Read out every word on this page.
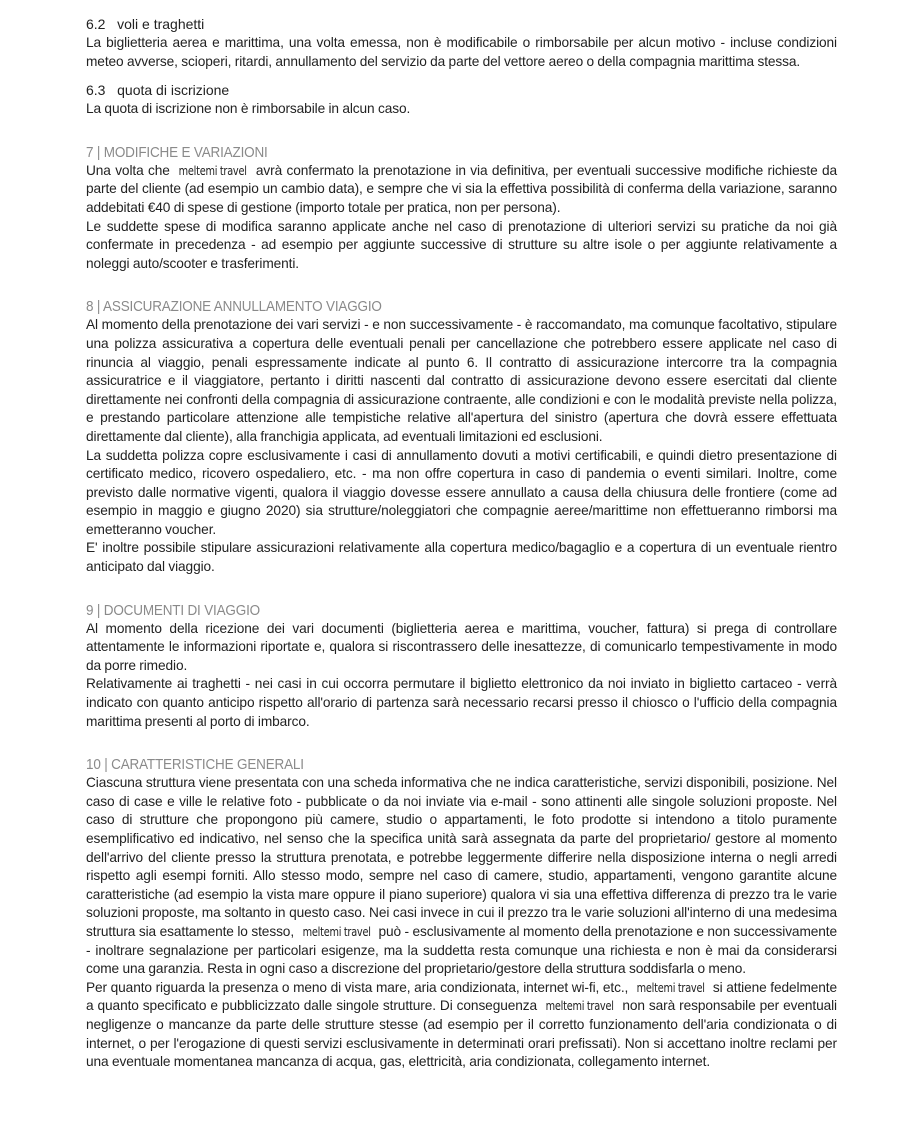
6.2   voli e traghetti

La biglietteria aerea e marittima, una volta emessa, non è modificabile o rimborsabile per alcun motivo - incluse condizioni meteo avverse, scioperi, ritardi, annullamento del servizio da parte del vettore aereo o della compagnia marittima stessa.

6.3   quota di iscrizione

La quota di iscrizione non è rimborsabile in alcun caso.

7 | MODIFICHE E VARIAZIONI

Una volta che meltemi travel avrà confermato la prenotazione in via definitiva, per eventuali successive modifiche richieste da parte del cliente (ad esempio un cambio data), e sempre che vi sia la effettiva possibilità di conferma della variazione, saranno addebitati €40 di spese di gestione (importo totale per pratica, non per persona).

Le suddette spese di modifica saranno applicate anche nel caso di prenotazione di ulteriori servizi su pratiche da noi già confermate in precedenza - ad esempio per aggiunte successive di strutture su altre isole o per aggiunte relativamente a noleggi auto/scooter e trasferimenti.

8 | ASSICURAZIONE ANNULLAMENTO VIAGGIO

Al momento della prenotazione dei vari servizi - e non successivamente - è raccomandato, ma comunque facoltativo, stipulare una polizza assicurativa a copertura delle eventuali penali per cancellazione che potrebbero essere applicate nel caso di rinuncia al viaggio, penali espressamente indicate al punto 6. Il contratto di assicurazione intercorre tra la compagnia assicuratrice e il viaggiatore, pertanto i diritti nascenti dal contratto di assicurazione devono essere esercitati dal cliente direttamente nei confronti della compagnia di assicurazione contraente, alle condizioni e con le modalità previste nella polizza, e prestando particolare attenzione alle tempistiche relative all'apertura del sinistro (apertura che dovrà essere effettuata direttamente dal cliente), alla franchigia applicata, ad eventuali limitazioni ed esclusioni.

La suddetta polizza copre esclusivamente i casi di annullamento dovuti a motivi certificabili, e quindi dietro presentazione di certificato medico, ricovero ospedaliero, etc. - ma non offre copertura in caso di pandemia o eventi similari. Inoltre, come previsto dalle normative vigenti, qualora il viaggio dovesse essere annullato a causa della chiusura delle frontiere (come ad esempio in maggio e giugno 2020) sia strutture/noleggiatori che compagnie aeree/marittime non effettueranno rimborsi ma emetteranno voucher.

E' inoltre possibile stipulare assicurazioni relativamente alla copertura medico/bagaglio e a copertura di un eventuale rientro anticipato dal viaggio.

9 | DOCUMENTI DI VIAGGIO

Al momento della ricezione dei vari documenti (biglietteria aerea e marittima, voucher, fattura) si prega di controllare attentamente le informazioni riportate e, qualora si riscontrassero delle inesattezze, di comunicarlo tempestivamente in modo da porre rimedio.

Relativamente ai traghetti - nei casi in cui occorra permutare il biglietto elettronico da noi inviato in biglietto cartaceo - verrà indicato con quanto anticipo rispetto all'orario di partenza sarà necessario recarsi presso il chiosco o l'ufficio della compagnia marittima presenti al porto di imbarco.

10 | CARATTERISTICHE GENERALI

Ciascuna struttura viene presentata con una scheda informativa che ne indica caratteristiche, servizi disponibili, posizione. Nel caso di case e ville le relative foto - pubblicate o da noi inviate via e-mail - sono attinenti alle singole soluzioni proposte. Nel caso di strutture che propongono più camere, studio o appartamenti, le foto prodotte si intendono a titolo puramente esemplificativo ed indicativo, nel senso che la specifica unità sarà assegnata da parte del proprietario/ gestore al momento dell'arrivo del cliente presso la struttura prenotata, e potrebbe leggermente differire nella disposizione interna o negli arredi rispetto agli esempi forniti. Allo stesso modo, sempre nel caso di camere, studio, appartamenti, vengono garantite alcune caratteristiche (ad esempio la vista mare oppure il piano superiore) qualora vi sia una effettiva differenza di prezzo tra le varie soluzioni proposte, ma soltanto in questo caso. Nei casi invece in cui il prezzo tra le varie soluzioni all'interno di una medesima struttura sia esattamente lo stesso, meltemi travel può - esclusivamente al momento della prenotazione e non successivamente - inoltrare segnalazione per particolari esigenze, ma la suddetta resta comunque una richiesta e non è mai da considerarsi come una garanzia. Resta in ogni caso a discrezione del proprietario/gestore della struttura soddisfarla o meno.

Per quanto riguarda la presenza o meno di vista mare, aria condizionata, internet wi-fi, etc., meltemi travel si attiene fedelmente a quanto specificato e pubblicizzato dalle singole strutture. Di conseguenza meltemi travel non sarà responsabile per eventuali negligenze o mancanze da parte delle strutture stesse (ad esempio per il corretto funzionamento dell'aria condizionata o di internet, o per l'erogazione di questi servizi esclusivamente in determinati orari prefissati). Non si accettano inoltre reclami per una eventuale momentanea mancanza di acqua, gas, elettricità, aria condizionata, collegamento internet.
